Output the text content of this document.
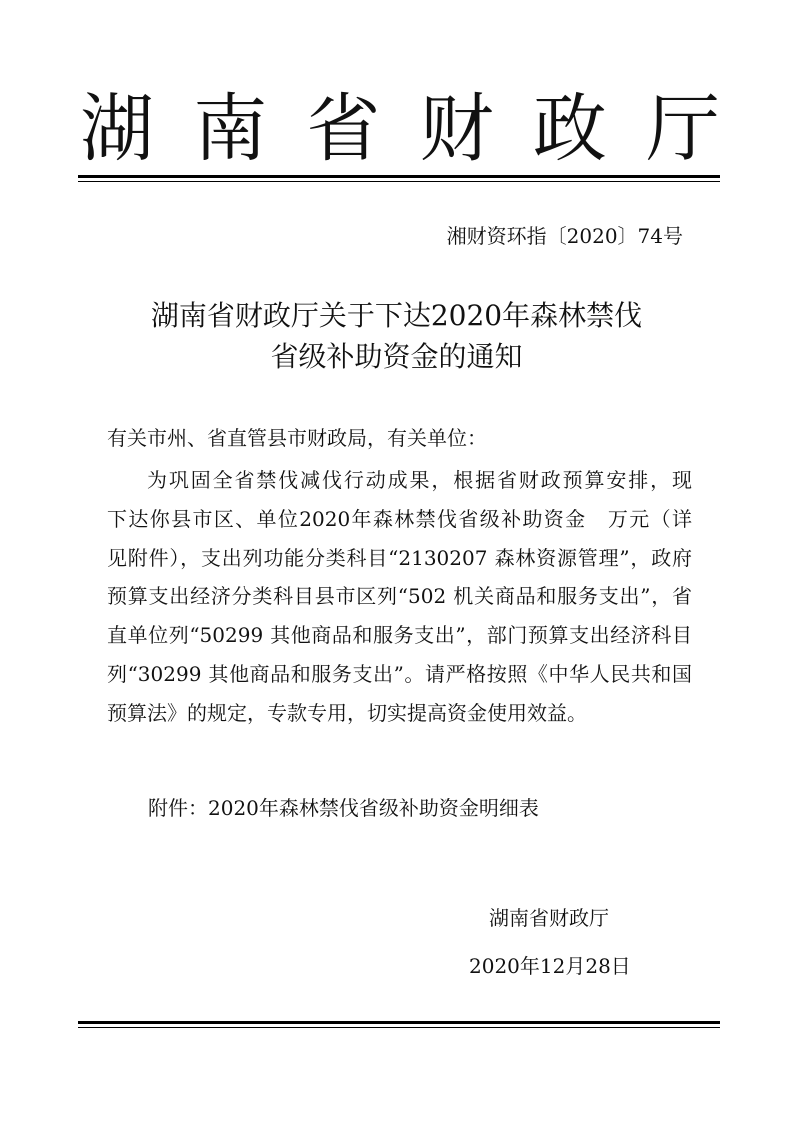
湖 南 省 财 政 厅
湘财资环指〔2020〕74号
湖南省财政厅关于下达2020年森林禁伐
省级补助资金的通知
有关市州、省直管县市财政局，有关单位：
为巩固全省禁伐减伐行动成果，根据省财政预算安排，现
下达你县市区、单位2020年森林禁伐省级补助资金　万元（详
见附件），支出列功能分类科目“2130207 森林资源管理”，政府
预算支出经济分类科目县市区列“502 机关商品和服务支出”，省
直单位列“50299 其他商品和服务支出”，部门预算支出经济科目
列“30299 其他商品和服务支出”。请严格按照《中华人民共和国
预算法》的规定，专款专用，切实提高资金使用效益。
附件：2020年森林禁伐省级补助资金明细表
湖南省财政厅
2020年12月28日
